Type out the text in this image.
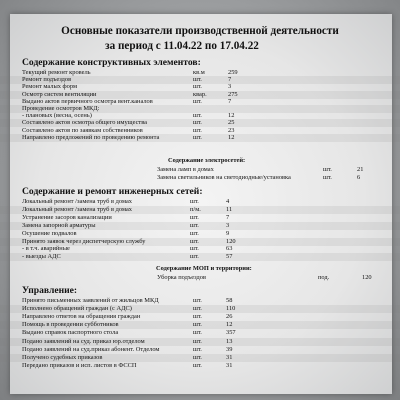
Основные показатели производственной деятельности
за период с 11.04.22 по 17.04.22
Содержание конструктивных элементов:
Текущий ремонт кровель	кв.м	259
Ремонт подъездов	шт.	7
Ремонт малых форм	шт.	3
Осмотр систем вентиляции	квар.	275
Выдано актов первичного осмотра вент.каналов	шт.	7
Проведение осмотров МКД:
- плановых (весна, осень)	шт.	12
Составлено актов осмотра общего имущества	шт.	25
Составлено актов по заявкам собственников	шт.	23
Направлено предложений по проведению ремонта	шт.	12
Содержание электросетей:
Замена ламп в домах	шт.	21
Замена светильников на светодиодные/установка	шт.	6
Содержание и ремонт инженерных сетей:
Локальный ремонт /замена труб в домах	шт.	4
Локальный ремонт /замена труб в домах	п/м.	11
Устранение засоров канализации	шт.	7
Замена запорной арматуры	шт.	3
Осушение подвалов	шт.	9
Принято заявок через диспетчерскую службу	шт.	120
- в т.ч. аварийные	шт.	63
- выезды АДС	шт.	57
Содержание МОП и территории:
Уборка подъездов	под.	120
Управление:
Принято письменных заявлений от жильцов МКД	шт.	58
Исполнено обращений граждан (с АДС)	шт.	110
Направлено ответов на обращения граждан	шт.	26
Помощь в проведении субботников	шт.	12
Выдано справок паспортного стола	шт.	357
Подано заявлений на суд. приказ юр.отделом	шт.	13
Подано заявлений на суд.приказ абонент. Отделом	шт.	39
Получено судебных приказов	шт.	31
Передано приказов и исп. листов в ФССП	шт.	31
